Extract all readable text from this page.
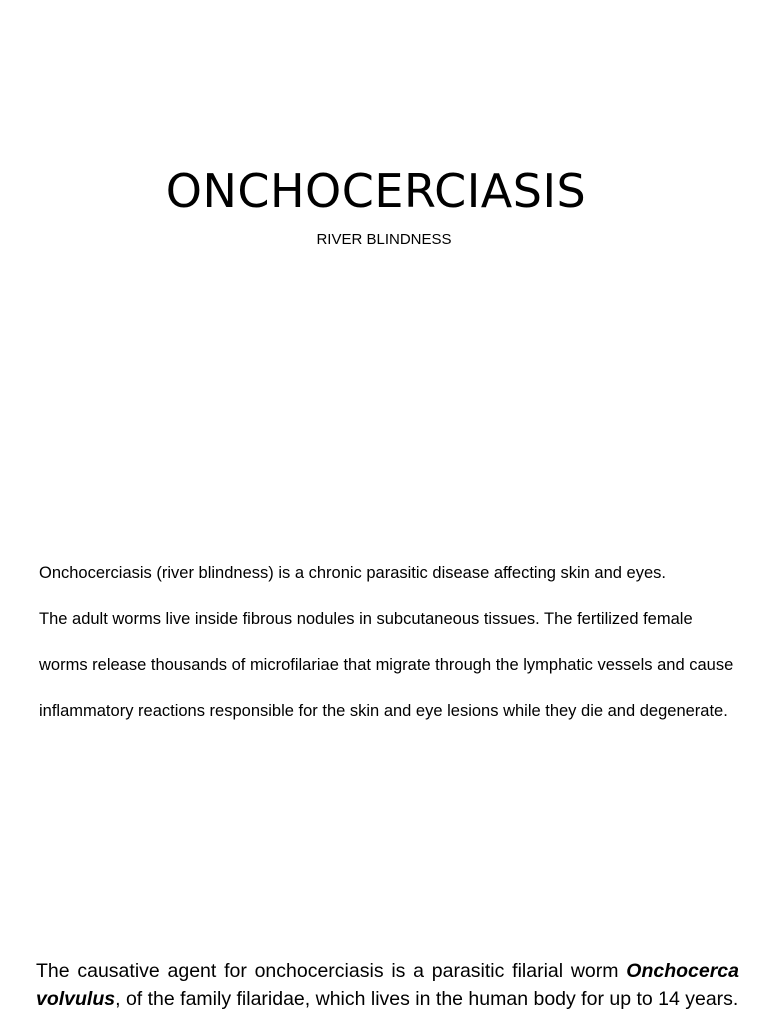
ONCHOCERCIASIS
RIVER BLINDNESS

Onchocerciasis (river blindness) is a chronic parasitic disease affecting skin and eyes.

The adult worms live inside fibrous nodules in subcutaneous tissues. The fertilized female worms release thousands of microfilariae that migrate through the lymphatic vessels and cause inflammatory reactions responsible for the skin and eye lesions while they die and degenerate.

The causative agent for onchocerciasis is a parasitic filarial worm Onchocerca volvulus, of the family filaridae, which lives in the human body for up to 14 years.
